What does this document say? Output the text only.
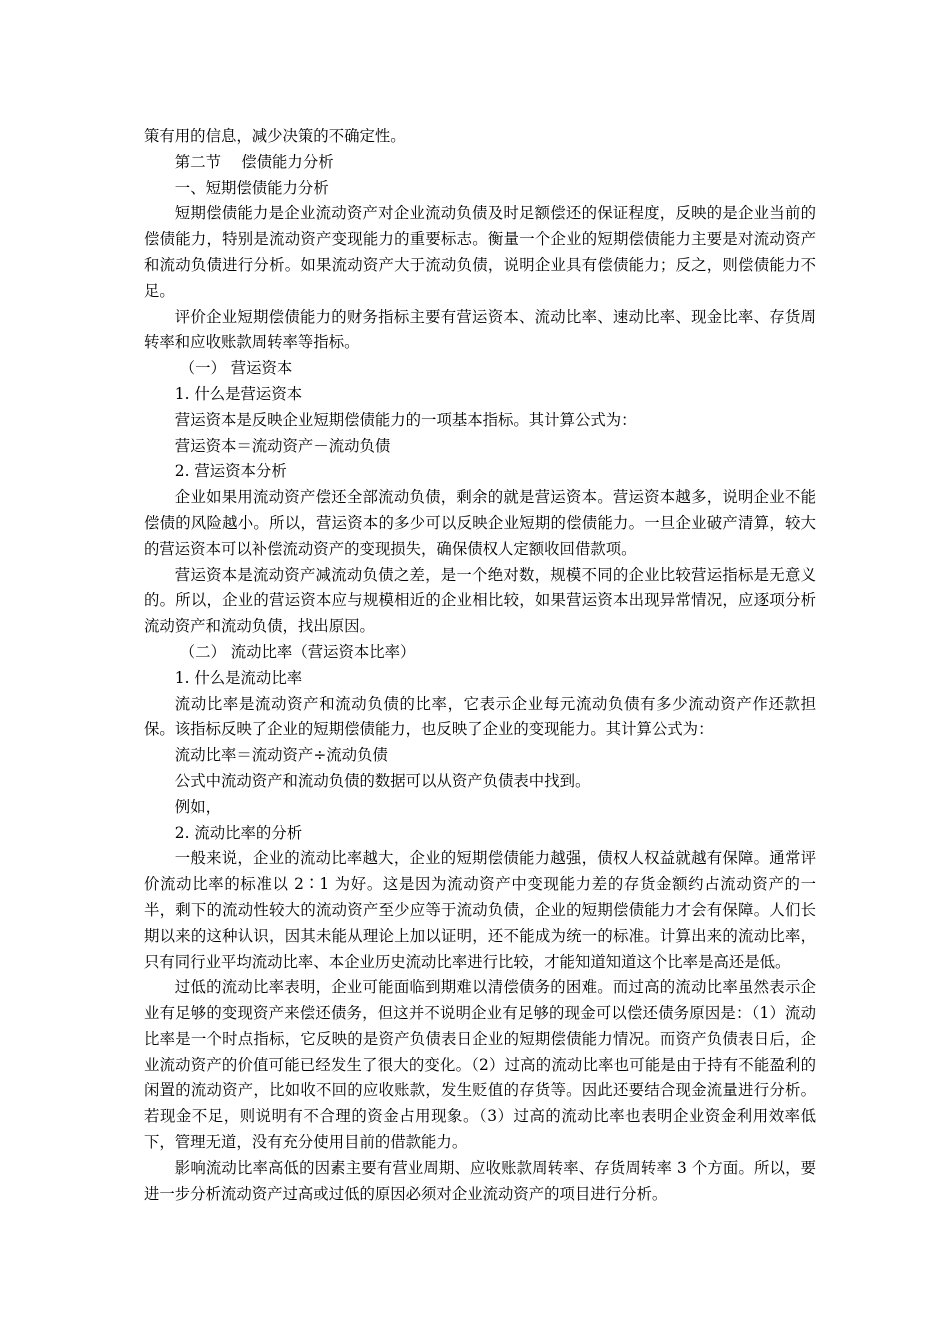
策有用的信息，减少决策的不确定性。

第二节　 偿债能力分析

一、短期偿债能力分析

短期偿债能力是企业流动资产对企业流动负债及时足额偿还的保证程度，反映的是企业当前的偿债能力，特别是流动资产变现能力的重要标志。衡量一个企业的短期偿债能力主要是对流动资产和流动负债进行分析。如果流动资产大于流动负债，说明企业具有偿债能力；反之，则偿债能力不足。

评价企业短期偿债能力的财务指标主要有营运资本、流动比率、速动比率、现金比率、存货周转率和应收账款周转率等指标。

（一） 营运资本

1. 什么是营运资本

营运资本是反映企业短期偿债能力的一项基本指标。其计算公式为：

营运资本＝流动资产－流动负债

2. 营运资本分析

企业如果用流动资产偿还全部流动负债，剩余的就是营运资本。营运资本越多，说明企业不能偿债的风险越小。所以，营运资本的多少可以反映企业短期的偿债能力。一旦企业破产清算，较大的营运资本可以补偿流动资产的变现损失，确保债权人定额收回借款项。

营运资本是流动资产减流动负债之差，是一个绝对数，规模不同的企业比较营运指标是无意义的。所以，企业的营运资本应与规模相近的企业相比较，如果营运资本出现异常情况，应逐项分析流动资产和流动负债，找出原因。

（二） 流动比率（营运资本比率）

1. 什么是流动比率

流动比率是流动资产和流动负债的比率，它表示企业每元流动负债有多少流动资产作还款担保。该指标反映了企业的短期偿债能力，也反映了企业的变现能力。其计算公式为：

流动比率＝流动资产÷流动负债

公式中流动资产和流动负债的数据可以从资产负债表中找到。

例如，

2. 流动比率的分析

一般来说，企业的流动比率越大，企业的短期偿债能力越强，债权人权益就越有保障。通常评价流动比率的标准以 2∶1 为好。这是因为流动资产中变现能力差的存货金额约占流动资产的一半，剩下的流动性较大的流动资产至少应等于流动负债，企业的短期偿债能力才会有保障。人们长期以来的这种认识，因其未能从理论上加以证明，还不能成为统一的标准。计算出来的流动比率，只有同行业平均流动比率、本企业历史流动比率进行比较，才能知道知道这个比率是高还是低。

过低的流动比率表明，企业可能面临到期难以清偿债务的困难。而过高的流动比率虽然表示企业有足够的变现资产来偿还债务，但这并不说明企业有足够的现金可以偿还债务原因是：（1）流动比率是一个时点指标，它反映的是资产负债表日企业的短期偿债能力情况。而资产负债表日后，企业流动资产的价值可能已经发生了很大的变化。（2）过高的流动比率也可能是由于持有不能盈利的闲置的流动资产，比如收不回的应收账款，发生贬值的存货等。因此还要结合现金流量进行分析。若现金不足，则说明有不合理的资金占用现象。（3）过高的流动比率也表明企业资金利用效率低下，管理无道，没有充分使用目前的借款能力。

影响流动比率高低的因素主要有营业周期、应收账款周转率、存货周转率 3 个方面。所以，要进一步分析流动资产过高或过低的原因必须对企业流动资产的项目进行分析。
